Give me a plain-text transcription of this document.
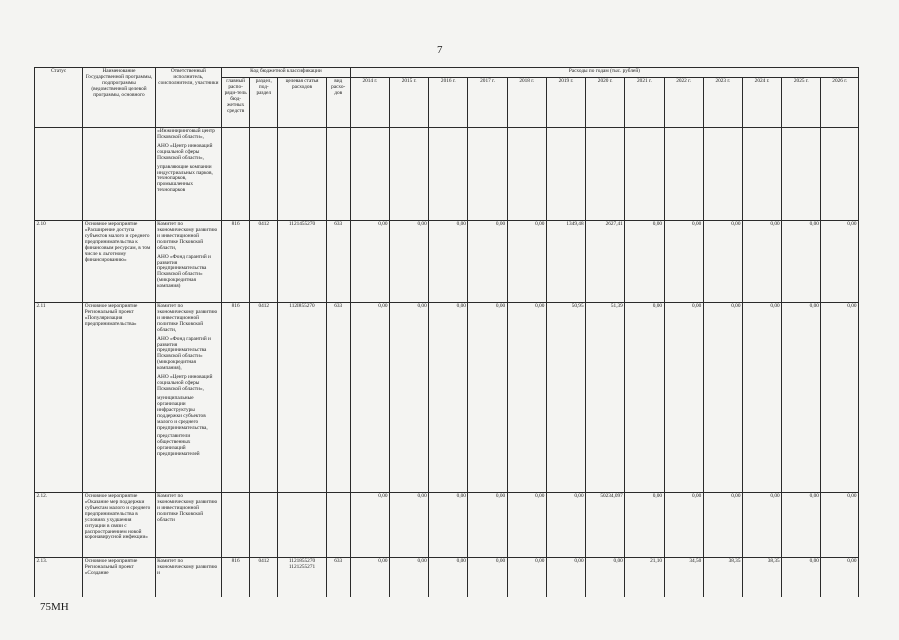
7
Статус	Наименование Государственной программы, подпрограммы (ведомственной целевой программы, основного	Ответственный исполнитель, соисполнители, участники	Код бюджетной классификации				Расходы по годам (тыс. рублей)												
			главный распо-ряди-тель бюд-жетных средств	раздел, под-раздел	целевая статья расходов	вид расхо-дов	2014 г.	2015 г.	2016 г.	2017 г.	2018 г.	2019 г.	2020 г.	2021 г.	2022 г.	2023 г.	2024 г.	2025 г.	2026 г.

		«Инжиниринговый центр Псковской области»,
АНО «Центр инноваций социальной сферы Псковской области»,
управляющие компании индустриальных парков, технопарков, промышленных технопарков																	

2.10	Основное мероприятие «Расширение доступа субъектов малого и среднего предпринимательства к финансовым ресурсам, в том числе к льготному финансированию»	Комитет по экономическому развитию и инвестиционной политике Псковской области,
АНО «Фонд гарантий и развития предпринимательства Псковской области» (микрокредитная компания)	816	0412	1121455270	633	0,00	0,00	0,00	0,00	0,00	1349,48	2627,41	0,00	0,00	0,00	0,00	0,00	0,00
2.11	Основное мероприятие Региональный проект «Популяризация предпринимательства»	Комитет по экономическому развитию и инвестиционной политике Псковской области,
АНО «Фонд гарантий и развития предпринимательства Псковской области» (микрокредитная компания),
АНО «Центр инноваций социальной сферы Псковской области»,
муниципальные организации инфраструктуры поддержки субъектов малого и среднего предпринимательства,
представители общественных организаций предпринимателей	816	0412	112I855270	633	0,00	0,00	0,00	0,00	0,00	50,95	51,39	0,00	0,00	0,00	0,00	0,00	0,00
2.12.	Основное мероприятие «Оказание мер поддержки субъектам малого и среднего предпринимательства в условиях ухудшения ситуации в связи с распространением новой коронавирусной инфекции»	Комитет по экономическому развитию и инвестиционной политике Псковской области					0,00	0,00	0,00	0,00	0,00	0,00	50234,097	0,00	0,00	0,00	0,00	0,00	0,00
2.13.	Основное мероприятие Региональный проект «Создание	Комитет по экономическому развитию и	816	0412	1121855270 1121255271	633	0,00	0,00	0,00	0,00	0,00	0,00	0,00	21,10	34,50	38,35	38,35	0,00	0,00
75МН
